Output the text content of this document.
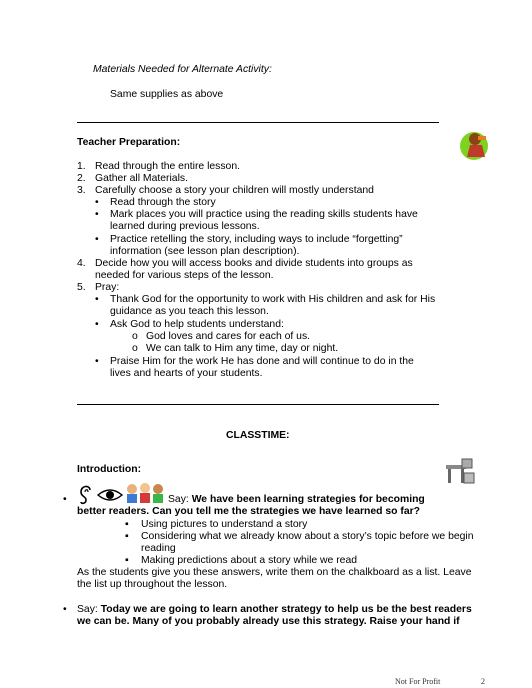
Materials Needed for Alternate Activity:
Same supplies as above
Teacher Preparation:
1. Read through the entire lesson.
2. Gather all Materials.
3. Carefully choose a story your children will mostly understand
•	Read through the story
•	Mark places you will practice using the reading skills students have
learned during previous lessons.
•	Practice retelling the story, including ways to include “forgetting”
information (see lesson plan description).
4. Decide how you will access books and divide students into groups as
needed for various steps of the lesson.
5. Pray:
•	Thank God for the opportunity to work with His children and ask for His
guidance as you teach this lesson.
•	Ask God to help students understand:
o God loves and cares for each of us.
o We can talk to Him any time, day or night.
•	Praise Him for the work He has done and will continue to do in the
lives and hearts of your students.
CLASSTIME:
Introduction:
•	Say: We have been learning strategies for becoming
better readers. Can you tell me the strategies we have learned so far?
▪	Using pictures to understand a story
▪	Considering what we already know about a story’s topic before we begin
reading
▪	Making predictions about a story while we read
As the students give you these answers, write them on the chalkboard as a list. Leave
the list up throughout the lesson.
• Say: Today we are going to learn another strategy to help us be the best readers
we can be. Many of you probably already use this strategy. Raise your hand if
Not For Profit	2
